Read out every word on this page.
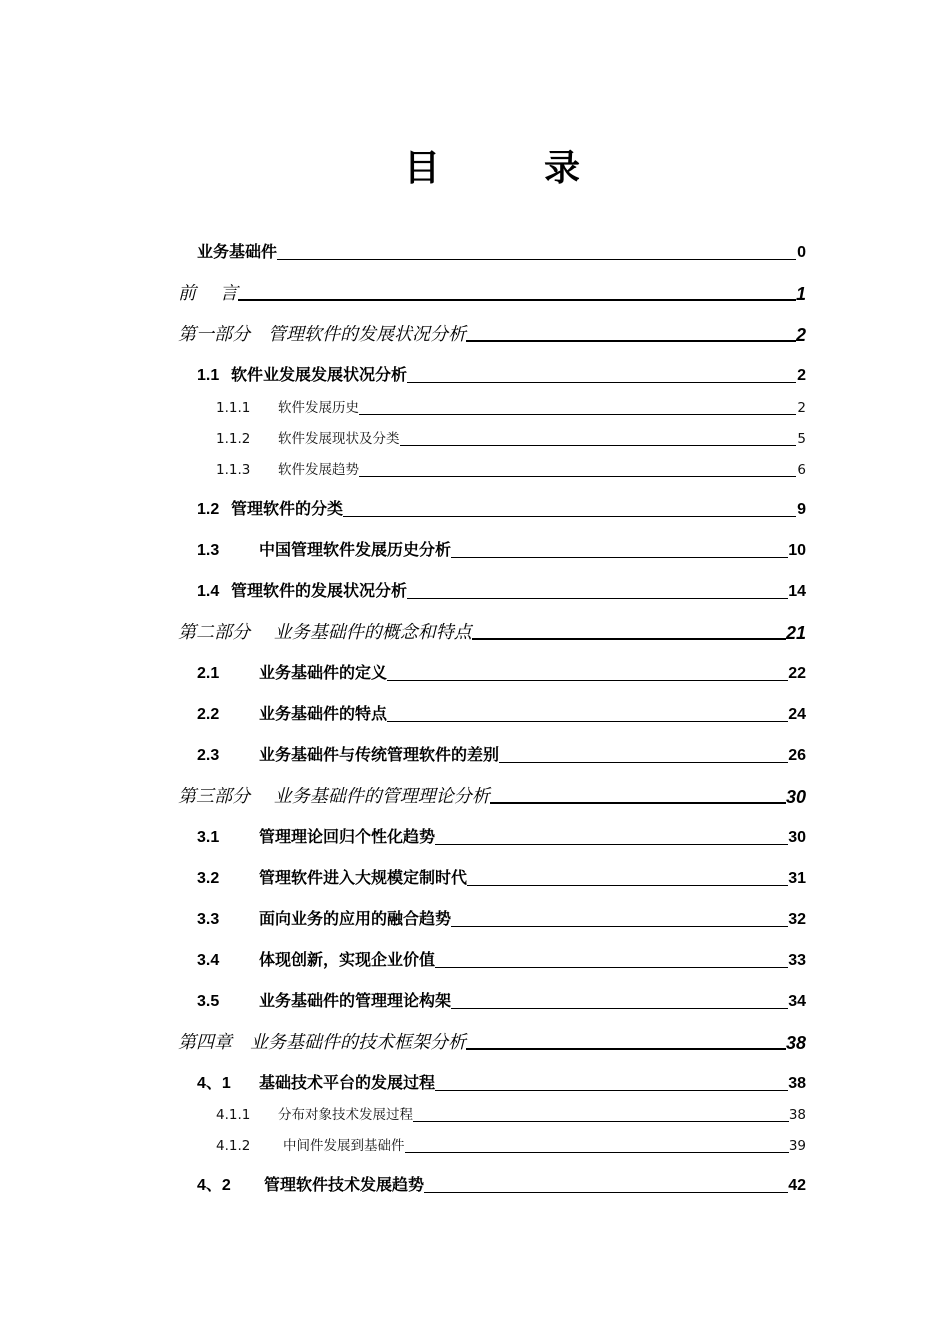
目　录
业务基础件	0
前　 言	1
第一部分　管理软件的发展状况分析	2
1.1 软件业发展发展状况分析	2
1.1.1	软件发展历史	2
1.1.2	软件发展现状及分类	5
1.1.3	软件发展趋势	6
1.2 管理软件的分类	9
1.3	中国管理软件发展历史分析	10
1.4 管理软件的发展状况分析	14
第二部分　 业务基础件的概念和特点	21
2.1	业务基础件的定义	22
2.2	业务基础件的特点	24
2.3	业务基础件与传统管理软件的差别	26
第三部分　 业务基础件的管理理论分析	30
3.1	管理理论回归个性化趋势	30
3.2	管理软件进入大规模定制时代	31
3.3	面向业务的应用的融合趋势	32
3.4	体现创新，实现企业价值	33
3.5	业务基础件的管理理论构架	34
第四章　业务基础件的技术框架分析	38
4、1	基础技术平台的发展过程	38
4.1.1	分布对象技术发展过程	38
4.1.2	中间件发展到基础件	39
4、2	管理软件技术发展趋势	42
